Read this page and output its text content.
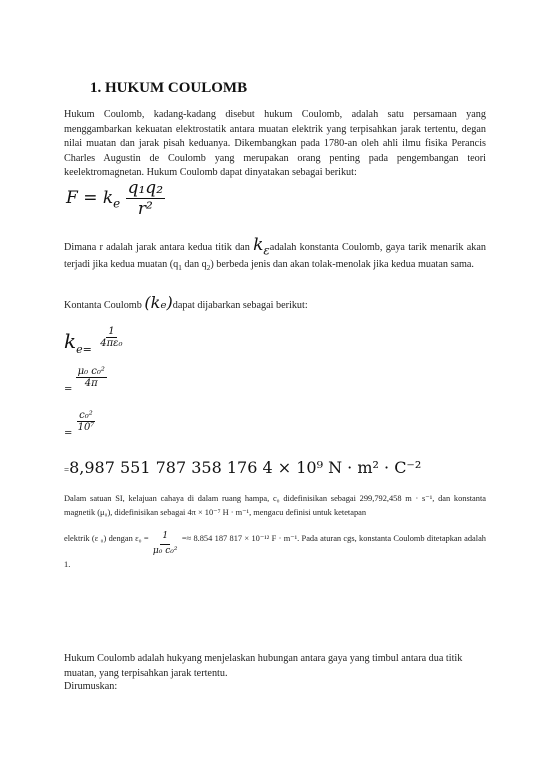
1. HUKUM COULOMB
Hukum Coulomb, kadang-kadang disebut hukum Coulomb, adalah satu persamaan yang menggambarkan kekuatan elektrostatik antara muatan elektrik yang terpisahkan jarak tertentu, degan nilai muatan dan jarak pisah keduanya. Dikembangkan pada 1780-an oleh ahli ilmu fisika Perancis Charles Augustin de Coulomb yang merupakan orang penting pada pengembangan teori keelektromagnetan. Hukum Coulomb dapat dinyatakan sebagai berikut:
$F = k_e \frac{\text{q₁q₂}}{\text{r²}}$
Dimana r adalah jarak antara kedua titik dan $k_\varepsilon adalah$ konstanta Coulomb, gaya tarik menarik akan terjadi jika kedua muatan ($q_1$ dan $q_2$) berbeda jenis dan akan tolak-menolak jika kedua muatan sama.
Kontanta Coulomb (kₑ)dapat dijabarkan sebagai berikut:
$k_{e=}$
$\frac{1}{\text{4πε₀}}$
=
$\frac{\text{μ₀ c₀²}}{4\pi}$
=
$\frac{\text{c₀²}}{\text{10⁷}}$
=8,987 551 787 358 176 4 × 10⁹ N · m² · C⁻²
Dalam satuan SI, kelajuan cahaya di dalam ruang hampa, c₀ didefinisikan sebagai 299,792,458 m · s⁻¹, dan konstanta magnetik (μ₀), didefinisikan sebagai 4π × 10⁻⁷ H · m⁻¹, mengacu definisi untuk ketetapan
elektrik (ε ₀) dengan $\varepsilon_0 = \frac{1}{\text{μ₀ c₀²}} =\approx 8.854$ 187 817 × 10⁻¹² F · m⁻¹. Pada aturan cgs, konstanta Coulomb ditetapkan adalah 1.
Hukum Coulomb adalah hukyang menjelaskan hubungan antara gaya yang timbul antara dua titik muatan, yang terpisahkan jarak tertentu.
Dirumuskan:
